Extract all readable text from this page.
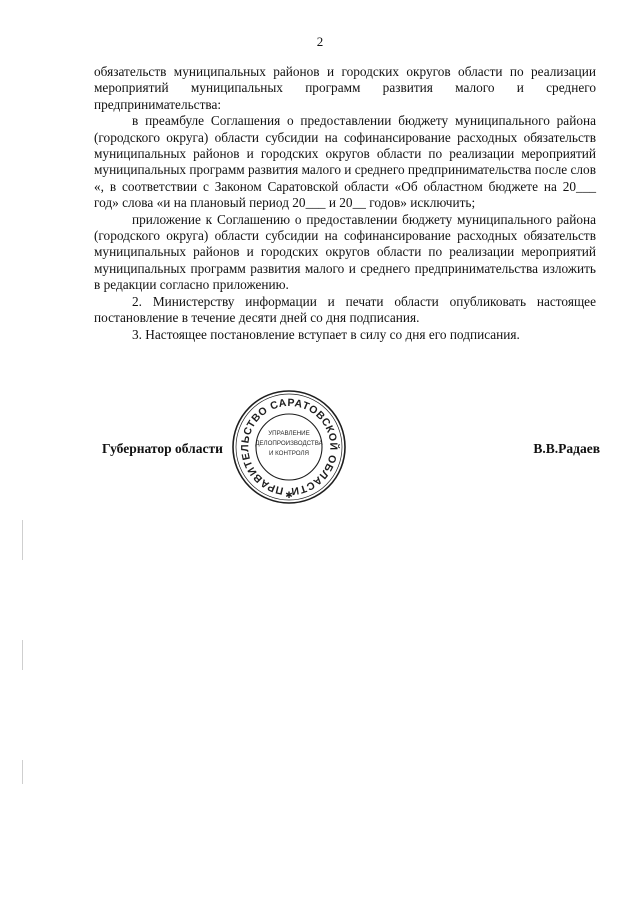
2

обязательств муниципальных районов и городских округов области по реализации мероприятий муниципальных программ развития малого и среднего предпринимательства:

в преамбуле Соглашения о предоставлении бюджету муниципального района (городского округа) области субсидии на софинансирование расходных обязательств муниципальных районов и городских округов области по реализации мероприятий муниципальных программ развития малого и среднего предпринимательства после слов «, в соответствии с Законом Саратовской области «Об областном бюджете на 20___ год» слова «и на плановый период 20___ и 20__ годов» исключить;

приложение к Соглашению о предоставлении бюджету муниципального района (городского округа) области субсидии на софинансирование расходных обязательств муниципальных районов и городских округов области по реализации мероприятий муниципальных программ развития малого и среднего предпринимательства изложить в редакции согласно приложению.

2. Министерству информации и печати области опубликовать настоящее постановление в течение десяти дней со дня подписания.

3. Настоящее постановление вступает в силу со дня его подписания.

Губернатор области	В.В.Радаев
ПРАВИТЕЛЬСТВО САРАТОВСКОЙ ОБЛАСТИ
УПРАВЛЕНИЕ
ДЕЛОПРОИЗВОДСТВА
И КОНТРОЛЯ
✱
